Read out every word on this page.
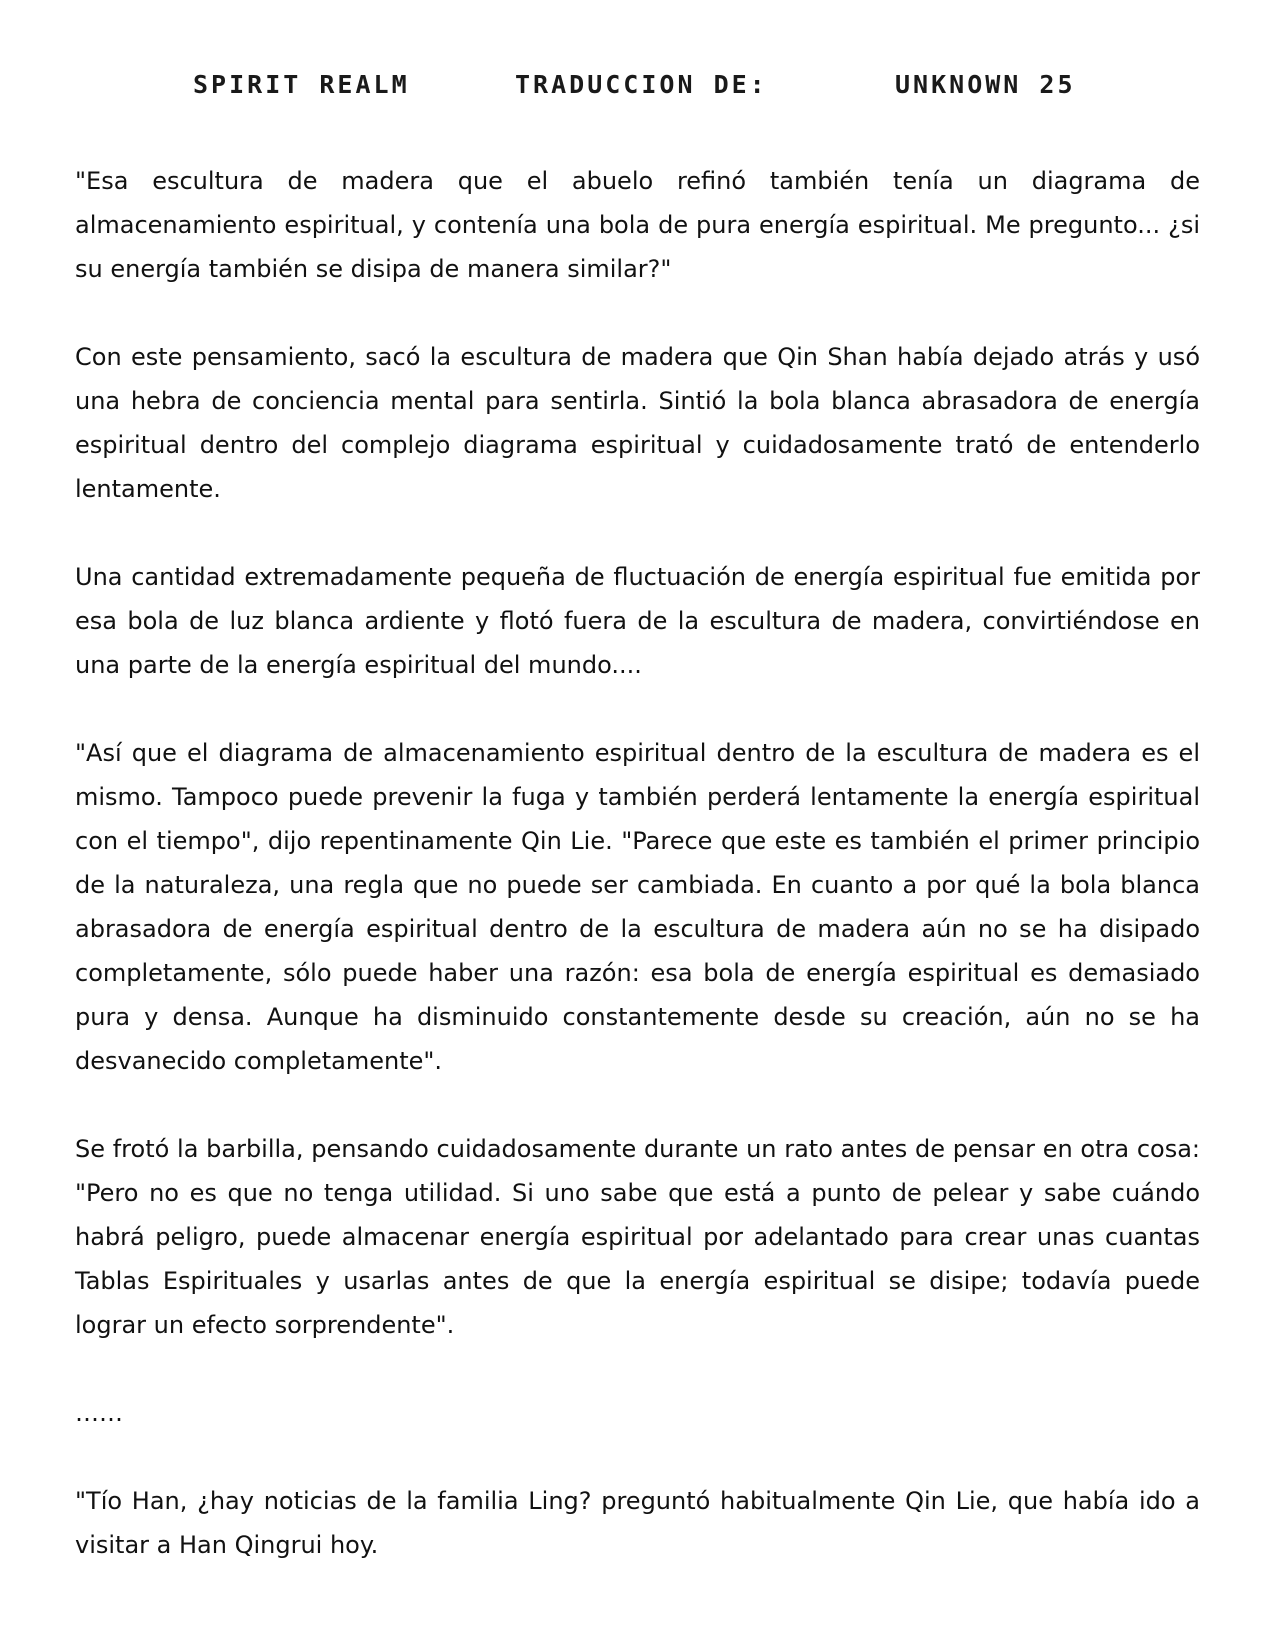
SPIRIT REALM	TRADUCCION DE:	UNKNOWN 25

"Esa escultura de madera que el abuelo refinó también tenía un diagrama de almacenamiento espiritual, y contenía una bola de pura energía espiritual. Me pregunto... ¿si su energía también se disipa de manera similar?"

Con este pensamiento, sacó la escultura de madera que Qin Shan había dejado atrás y usó una hebra de conciencia mental para sentirla. Sintió la bola blanca abrasadora de energía espiritual dentro del complejo diagrama espiritual y cuidadosamente trató de entenderlo lentamente.

Una cantidad extremadamente pequeña de fluctuación de energía espiritual fue emitida por esa bola de luz blanca ardiente y flotó fuera de la escultura de madera, convirtiéndose en una parte de la energía espiritual del mundo....

"Así que el diagrama de almacenamiento espiritual dentro de la escultura de madera es el mismo. Tampoco puede prevenir la fuga y también perderá lentamente la energía espiritual con el tiempo", dijo repentinamente Qin Lie. "Parece que este es también el primer principio de la naturaleza, una regla que no puede ser cambiada. En cuanto a por qué la bola blanca abrasadora de energía espiritual dentro de la escultura de madera aún no se ha disipado completamente, sólo puede haber una razón: esa bola de energía espiritual es demasiado pura y densa. Aunque ha disminuido constantemente desde su creación, aún no se ha desvanecido completamente".

Se frotó la barbilla, pensando cuidadosamente durante un rato antes de pensar en otra cosa: "Pero no es que no tenga utilidad. Si uno sabe que está a punto de pelear y sabe cuándo habrá peligro, puede almacenar energía espiritual por adelantado para crear unas cuantas Tablas Espirituales y usarlas antes de que la energía espiritual se disipe; todavía puede lograr un efecto sorprendente".

……

"Tío Han, ¿hay noticias de la familia Ling? preguntó habitualmente Qin Lie, que había ido a visitar a Han Qingrui hoy.
